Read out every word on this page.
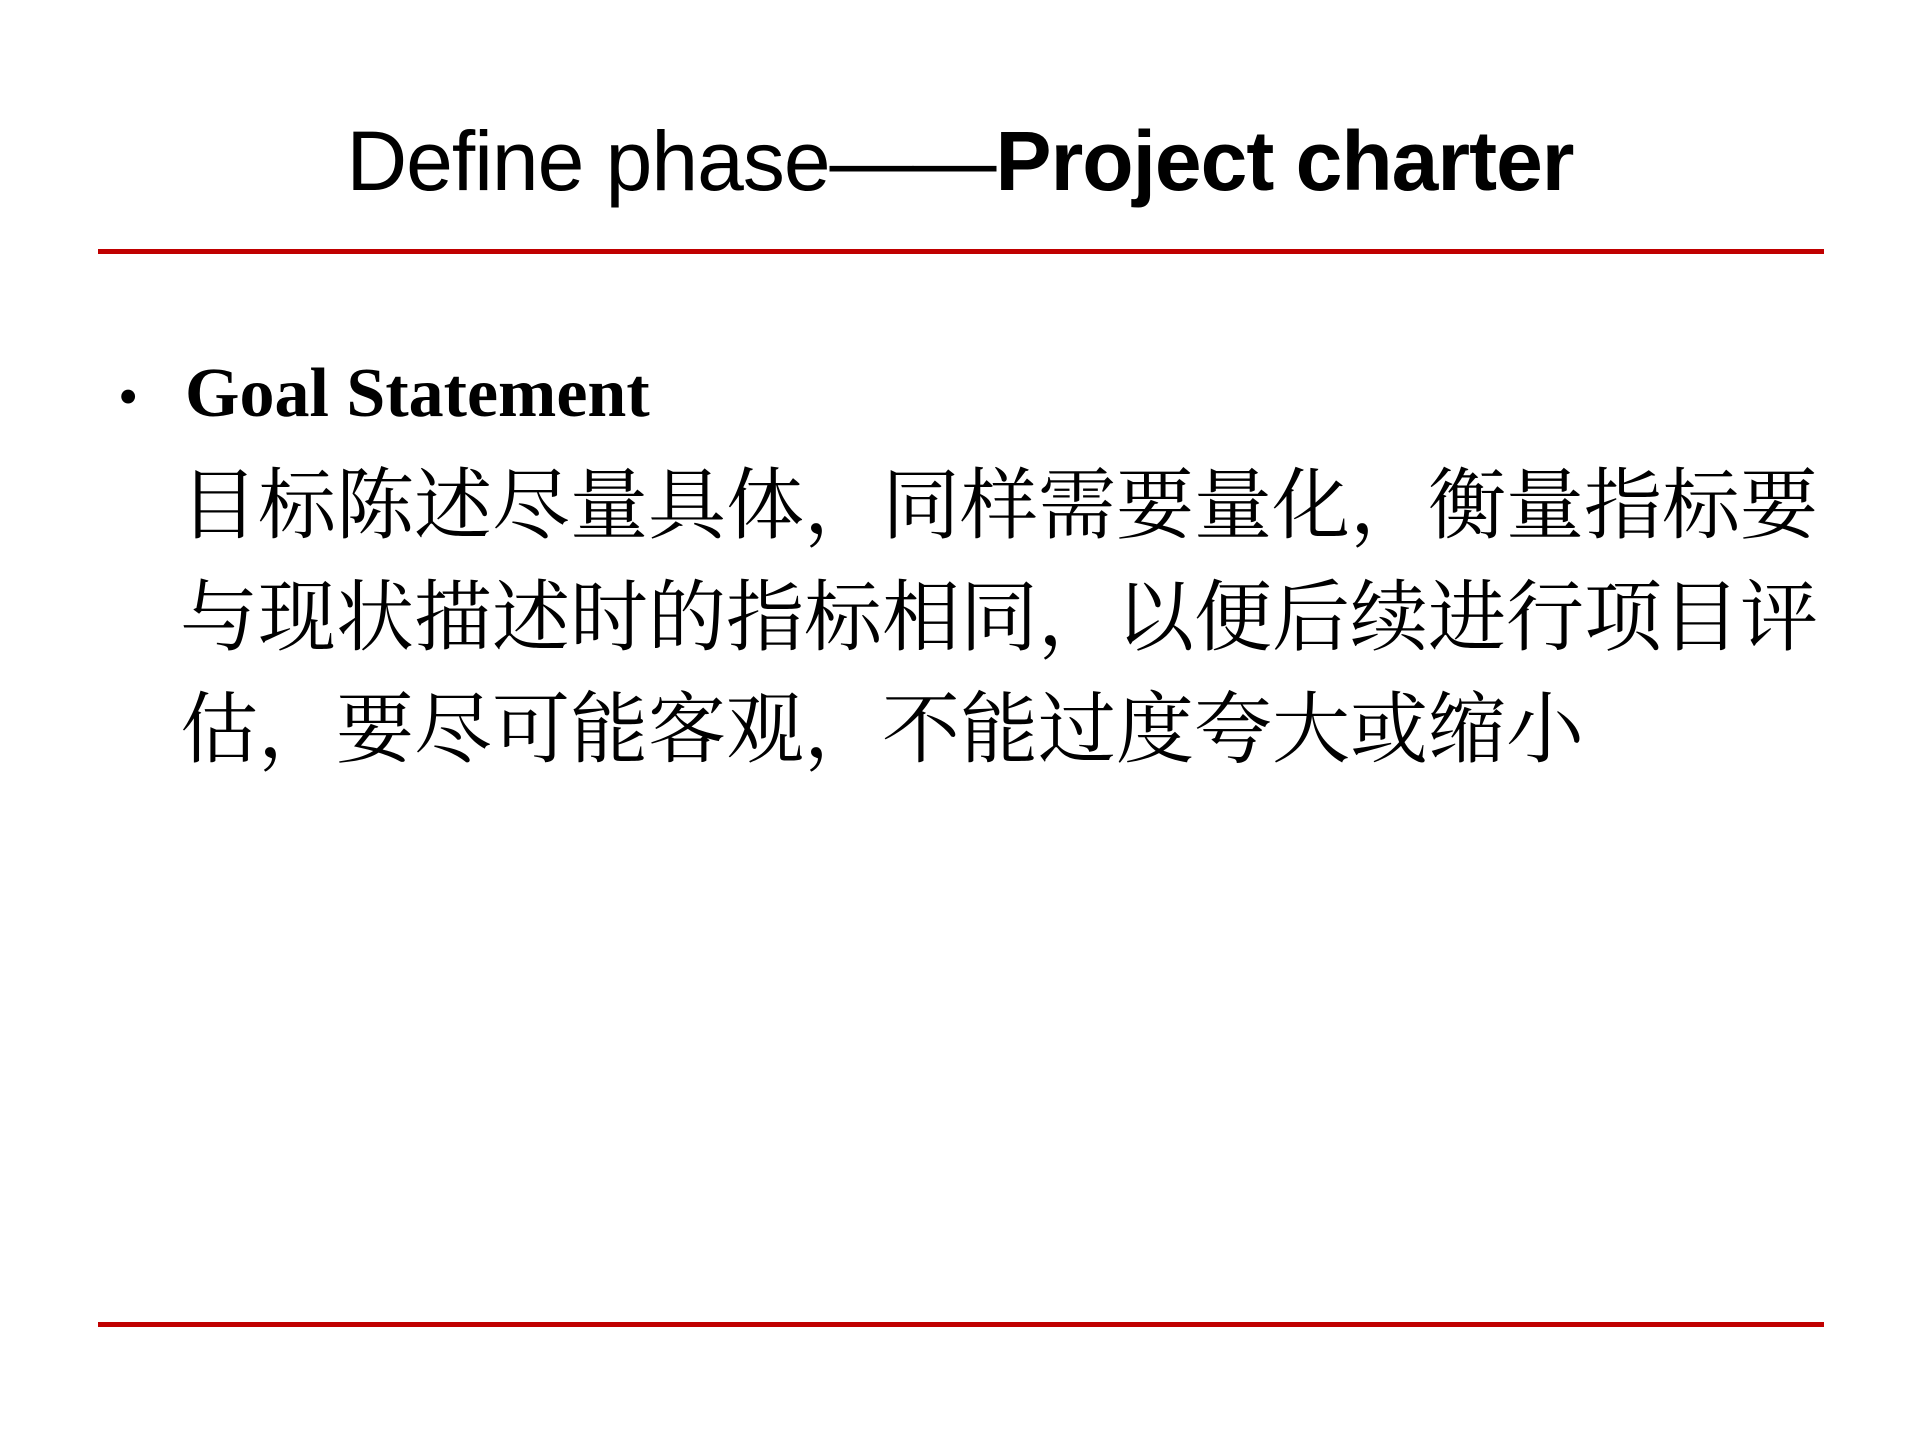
Define phase——Project charter
• Goal Statement
目标陈述尽量具体，同样需要量化，衡量指标要
与现状描述时的指标相同，以便后续进行项目评
估，要尽可能客观，不能过度夸大或缩小
